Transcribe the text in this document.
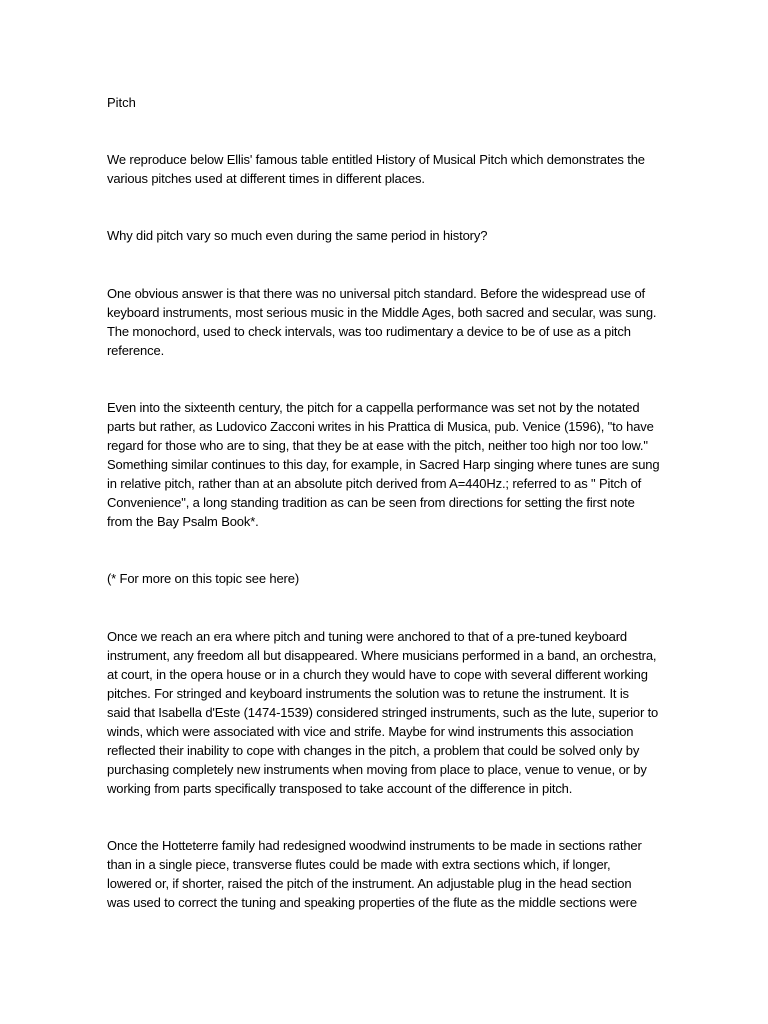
Pitch
We reproduce below Ellis' famous table entitled History of Musical Pitch which demonstrates the
various pitches used at different times in different places.
Why did pitch vary so much even during the same period in history?
One obvious answer is that there was no universal pitch standard. Before the widespread use of
keyboard instruments, most serious music in the Middle Ages, both sacred and secular, was sung.
The monochord, used to check intervals, was too rudimentary a device to be of use as a pitch
reference.
Even into the sixteenth century, the pitch for a cappella performance was set not by the notated
parts but rather, as Ludovico Zacconi writes in his Prattica di Musica, pub. Venice (1596), "to have
regard for those who are to sing, that they be at ease with the pitch, neither too high nor too low."
Something similar continues to this day, for example, in Sacred Harp singing where tunes are sung
in relative pitch, rather than at an absolute pitch derived from A=440Hz.; referred to as " Pitch of
Convenience", a long standing tradition as can be seen from directions for setting the first note
from the Bay Psalm Book*.
(* For more on this topic see here)
Once we reach an era where pitch and tuning were anchored to that of a pre-tuned keyboard
instrument, any freedom all but disappeared. Where musicians performed in a band, an orchestra,
at court, in the opera house or in a church they would have to cope with several different working
pitches. For stringed and keyboard instruments the solution was to retune the instrument. It is
said that Isabella d'Este (1474-1539) considered stringed instruments, such as the lute, superior to
winds, which were associated with vice and strife. Maybe for wind instruments this association
reflected their inability to cope with changes in the pitch, a problem that could be solved only by
purchasing completely new instruments when moving from place to place, venue to venue, or by
working from parts specifically transposed to take account of the difference in pitch.
Once the Hotteterre family had redesigned woodwind instruments to be made in sections rather
than in a single piece, transverse flutes could be made with extra sections which, if longer,
lowered or, if shorter, raised the pitch of the instrument. An adjustable plug in the head section
was used to correct the tuning and speaking properties of the flute as the middle sections were
